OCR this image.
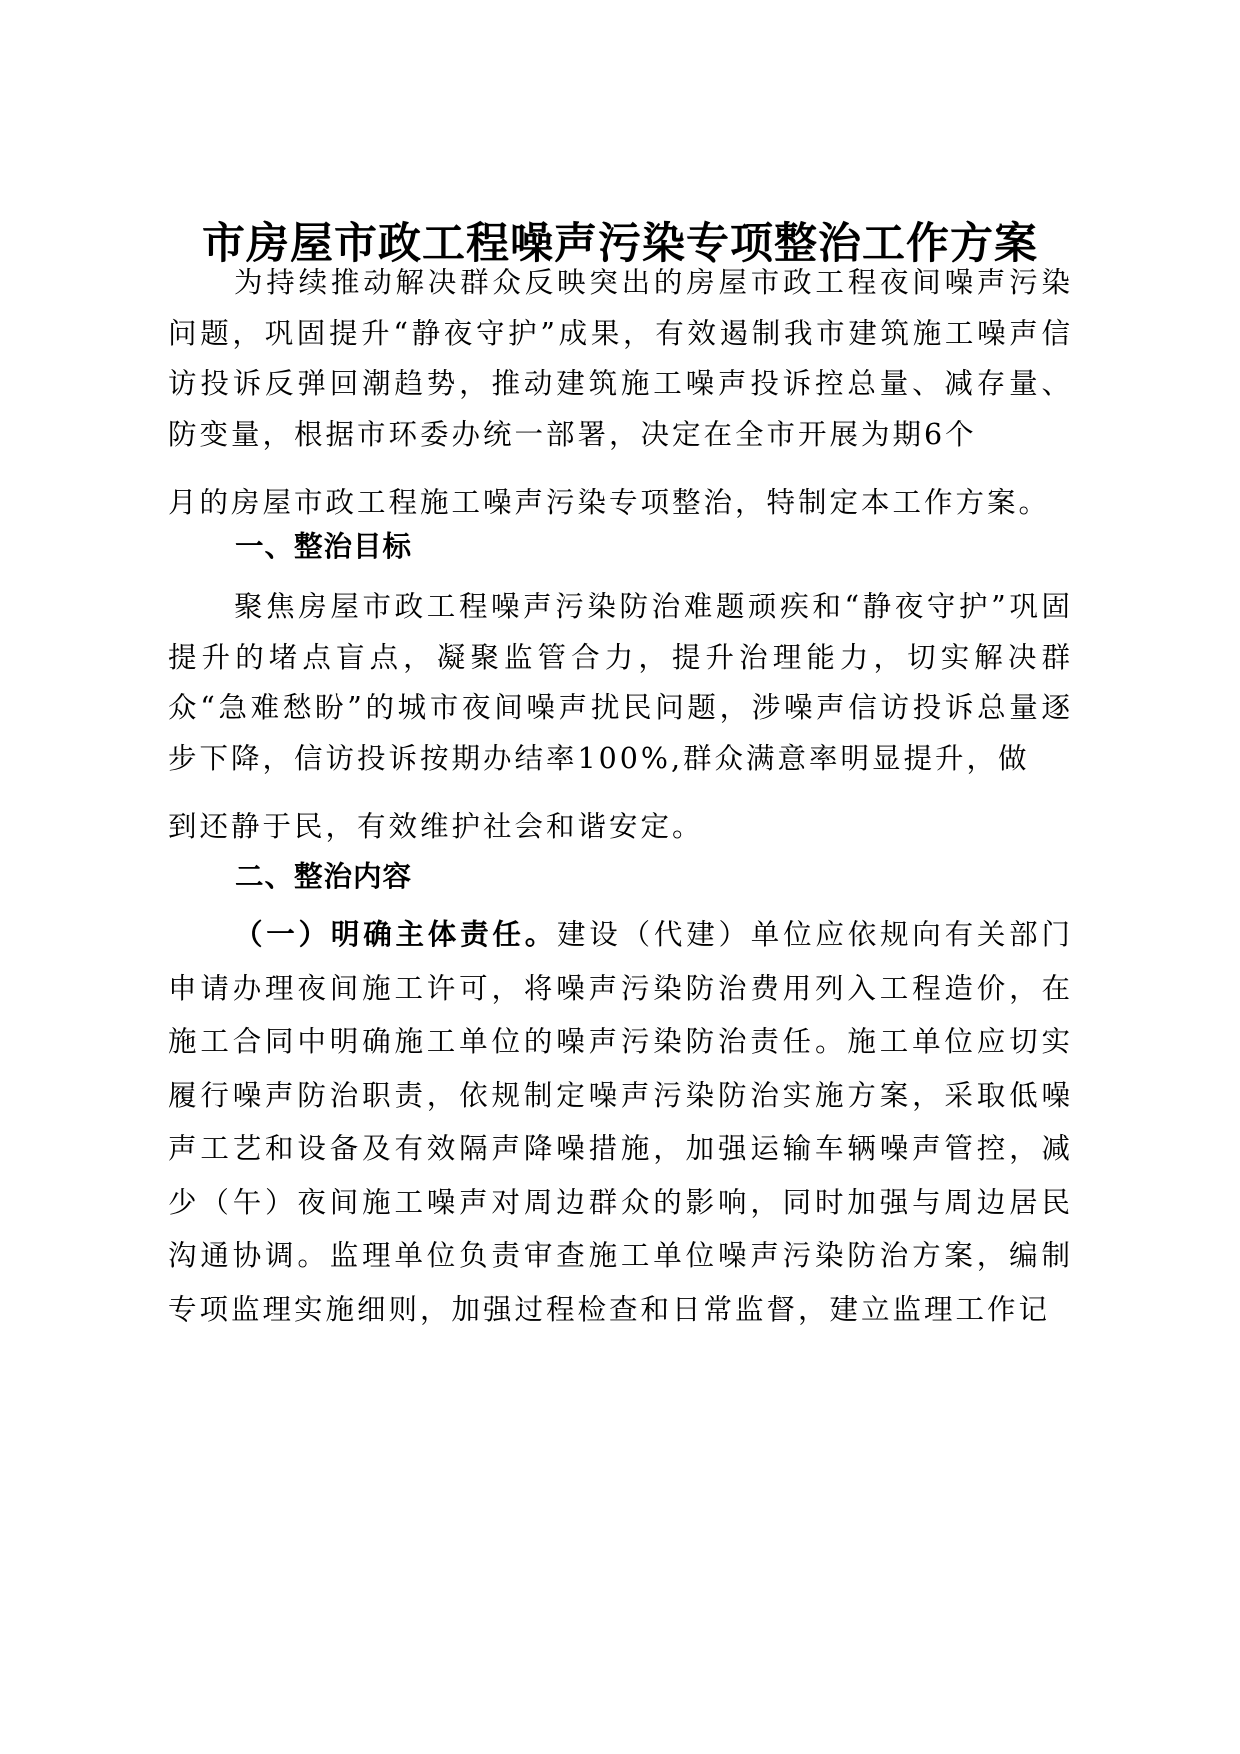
市房屋市政工程噪声污染专项整治工作方案
为持续推动解决群众反映突出的房屋市政工程夜间噪声污染问题，巩固提升“静夜守护”成果，有效遏制我市建筑施工噪声信访投诉反弹回潮趋势，推动建筑施工噪声投诉控总量、减存量、防变量，根据市环委办统一部署，决定在全市开展为期6个
月的房屋市政工程施工噪声污染专项整治，特制定本工作方案。
一、整治目标
聚焦房屋市政工程噪声污染防治难题顽疾和“静夜守护”巩固提升的堵点盲点，凝聚监管合力，提升治理能力，切实解决群众“急难愁盼”的城市夜间噪声扰民问题，涉噪声信访投诉总量逐步下降，信访投诉按期办结率100%,群众满意率明显提升，做
到还静于民，有效维护社会和谐安定。
二、整治内容
（一）明确主体责任。建设（代建）单位应依规向有关部门申请办理夜间施工许可，将噪声污染防治费用列入工程造价，在施工合同中明确施工单位的噪声污染防治责任。施工单位应切实履行噪声防治职责，依规制定噪声污染防治实施方案，采取低噪声工艺和设备及有效隔声降噪措施，加强运输车辆噪声管控，减少（午）夜间施工噪声对周边群众的影响，同时加强与周边居民沟通协调。监理单位负责审查施工单位噪声污染防治方案，编制专项监理实施细则，加强过程检查和日常监督，建立监理工作记
